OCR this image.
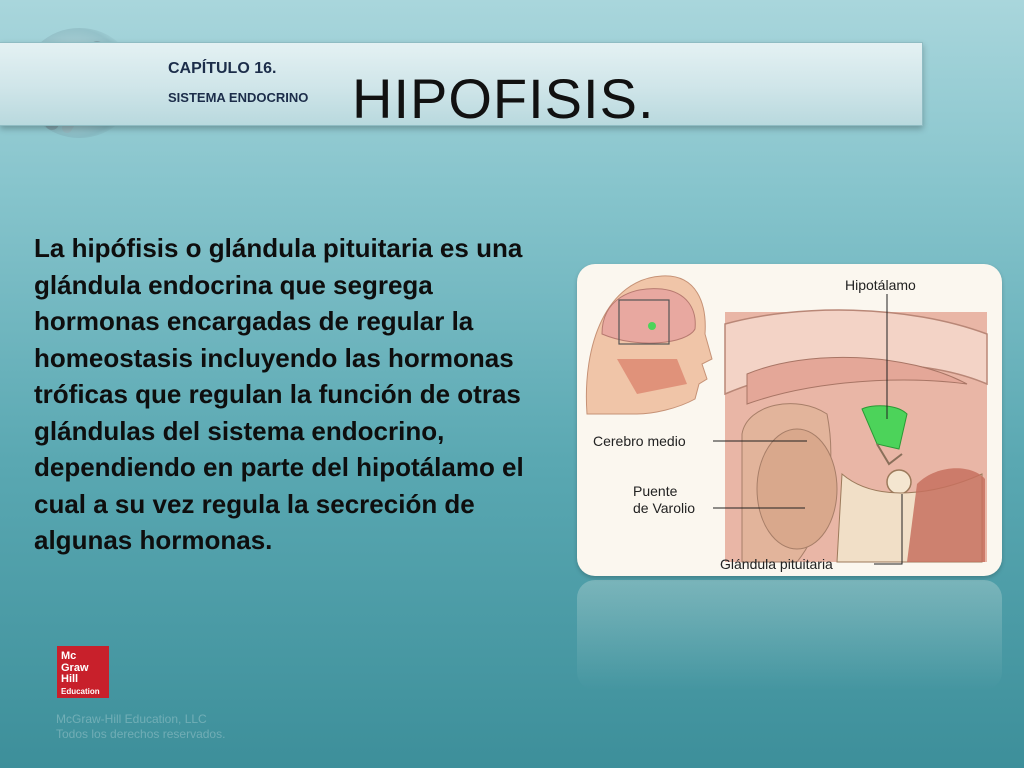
CAPÍTULO 16.
SISTEMA ENDOCRINO HIPOFISIS.

La hipófisis o glándula pituitaria es una glándula endocrina que segrega hormonas encargadas de regular la homeostasis incluyendo las hormonas tróficas que regulan la función de otras glándulas del sistema endocrino, dependiendo en parte del hipotálamo el cual a su vez regula la secreción de algunas hormonas.

Hipotálamo
Cerebro medio
Puente
de Varolio
Glándula pituitaria
Mc
Graw
Hill
Education
McGraw-Hill Education, LLC
Todos los derechos reservados.
